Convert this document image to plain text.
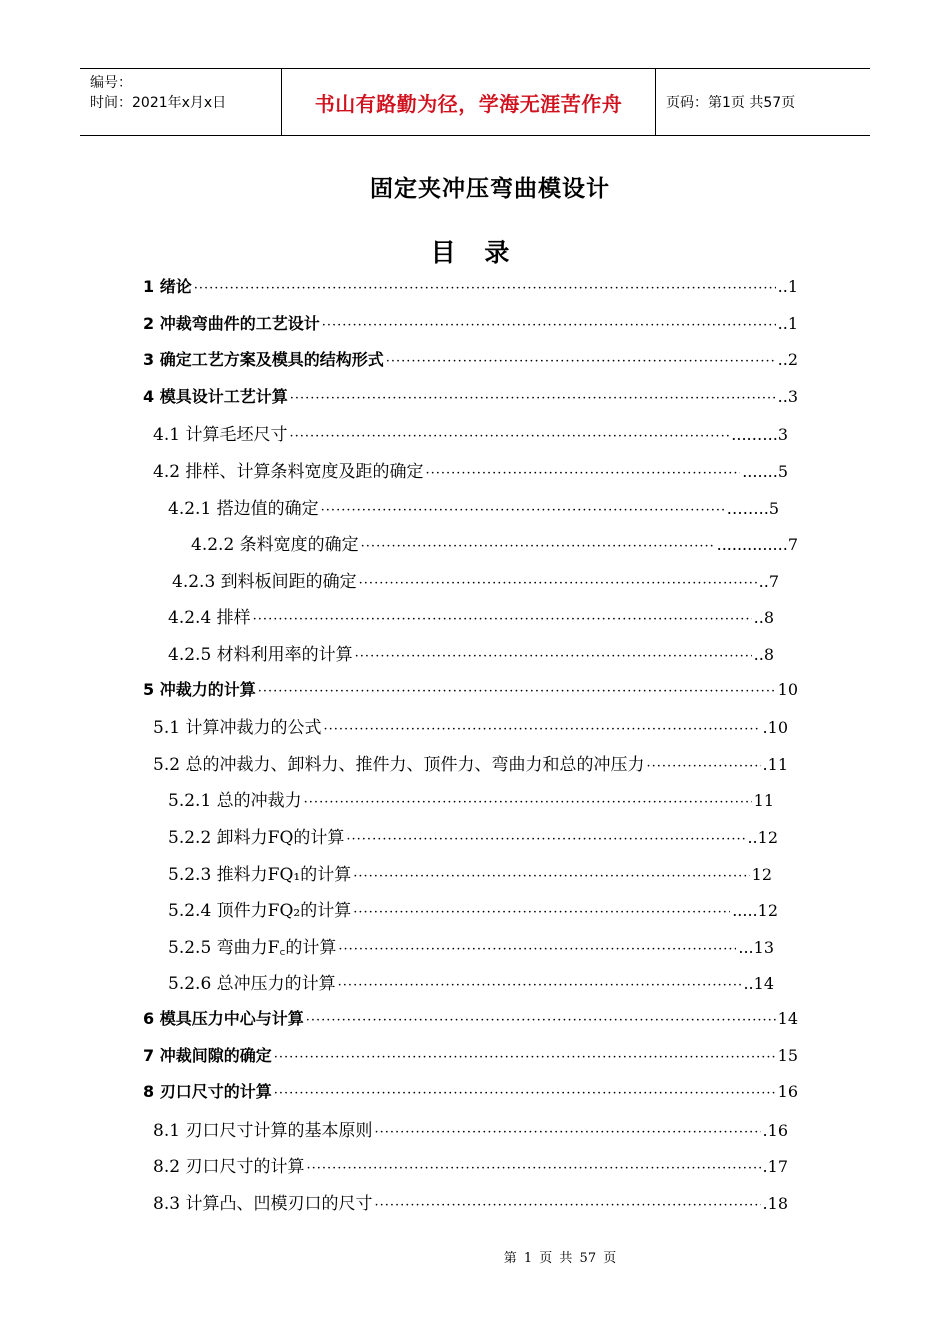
编号：
时间：2021年x月x日	书山有路勤为径，学海无涯苦作舟	页码：第1页 共57页
固定夹冲压弯曲模设计
目 录
1 绪论 ·····	..1
2 冲裁弯曲件的工艺设计 ·····	..1
3 确定工艺方案及模具的结构形式 ·····	..2
4 模具设计工艺计算 ·····	..3
4.1 计算毛坯尺寸 ·····	....…..3
4.2 排样、计算条料宽度及距的确定 ·····	.......5
4.2.1 搭边值的确定 ·····	……..5
4.2.2 条料宽度的确定 ·····	..............7
4.2.3 到料板间距的确定 ·····	..7
4.2.4 排样 ·····	..8
4.2.5 材料利用率的计算 ·····	..8
5 冲裁力的计算 ·····	10
5.1 计算冲裁力的公式 ·····	.10
5.2 总的冲裁力、卸料力、推件力、顶件力、弯曲力和总的冲压力 ·····	.11
5.2.1 总的冲裁力 ·····	11
5.2.2 卸料力FQ的计算 ·····	..12
5.2.3 推料力FQ₁的计算 ·····	12
5.2.4 顶件力FQ₂的计算 ·····	.....12
5.2.5 弯曲力F꜀的计算 ·····	...13
5.2.6 总冲压力的计算 ·····	..14
6 模具压力中心与计算 ·····	14
7 冲裁间隙的确定 ·····	15
8 刃口尺寸的计算 ·····	16
8.1 刃口尺寸计算的基本原则 ·····	.16
8.2 刃口尺寸的计算 ·····	.17
8.3 计算凸、凹模刃口的尺寸 ·····	.18
第 1 页 共 57 页
